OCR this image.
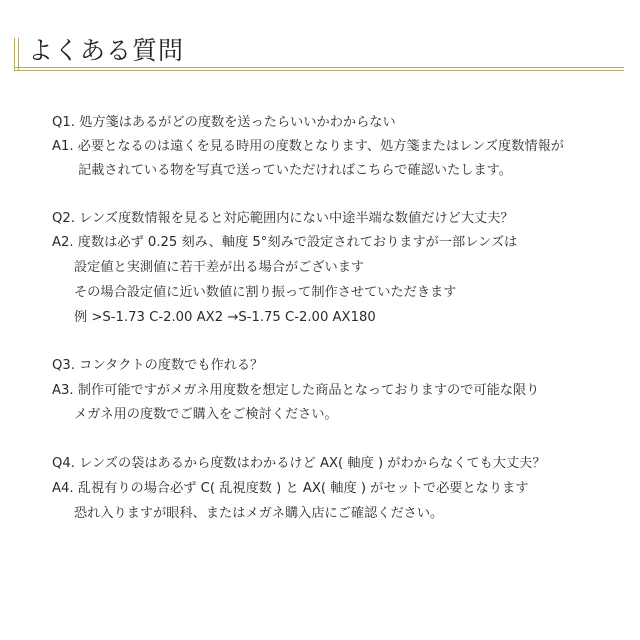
よくある質問
Q1. 処方箋はあるがどの度数を送ったらいいかわからない
A1. 必要となるのは遠くを見る時用の度数となります、処方箋またはレンズ度数情報が
記載されている物を写真で送っていただければこちらで確認いたします。
Q2. レンズ度数情報を見ると対応範囲内にない中途半端な数値だけど大丈夫？
A2. 度数は必ず 0.25 刻み、軸度 5°刻みで設定されておりますが一部レンズは
設定値と実測値に若干差が出る場合がございます
その場合設定値に近い数値に割り振って制作させていただきます
例 >S-1.73 C-2.00 AX2 →S-1.75 C-2.00 AX180
Q3. コンタクトの度数でも作れる？
A3. 制作可能ですがメガネ用度数を想定した商品となっておりますので可能な限り
メガネ用の度数でご購入をご検討ください。
Q4. レンズの袋はあるから度数はわかるけど AX( 軸度 ) がわからなくても大丈夫？
A4. 乱視有りの場合必ず C( 乱視度数 ) と AX( 軸度 ) がセットで必要となります
恐れ入りますが眼科、またはメガネ購入店にご確認ください。
